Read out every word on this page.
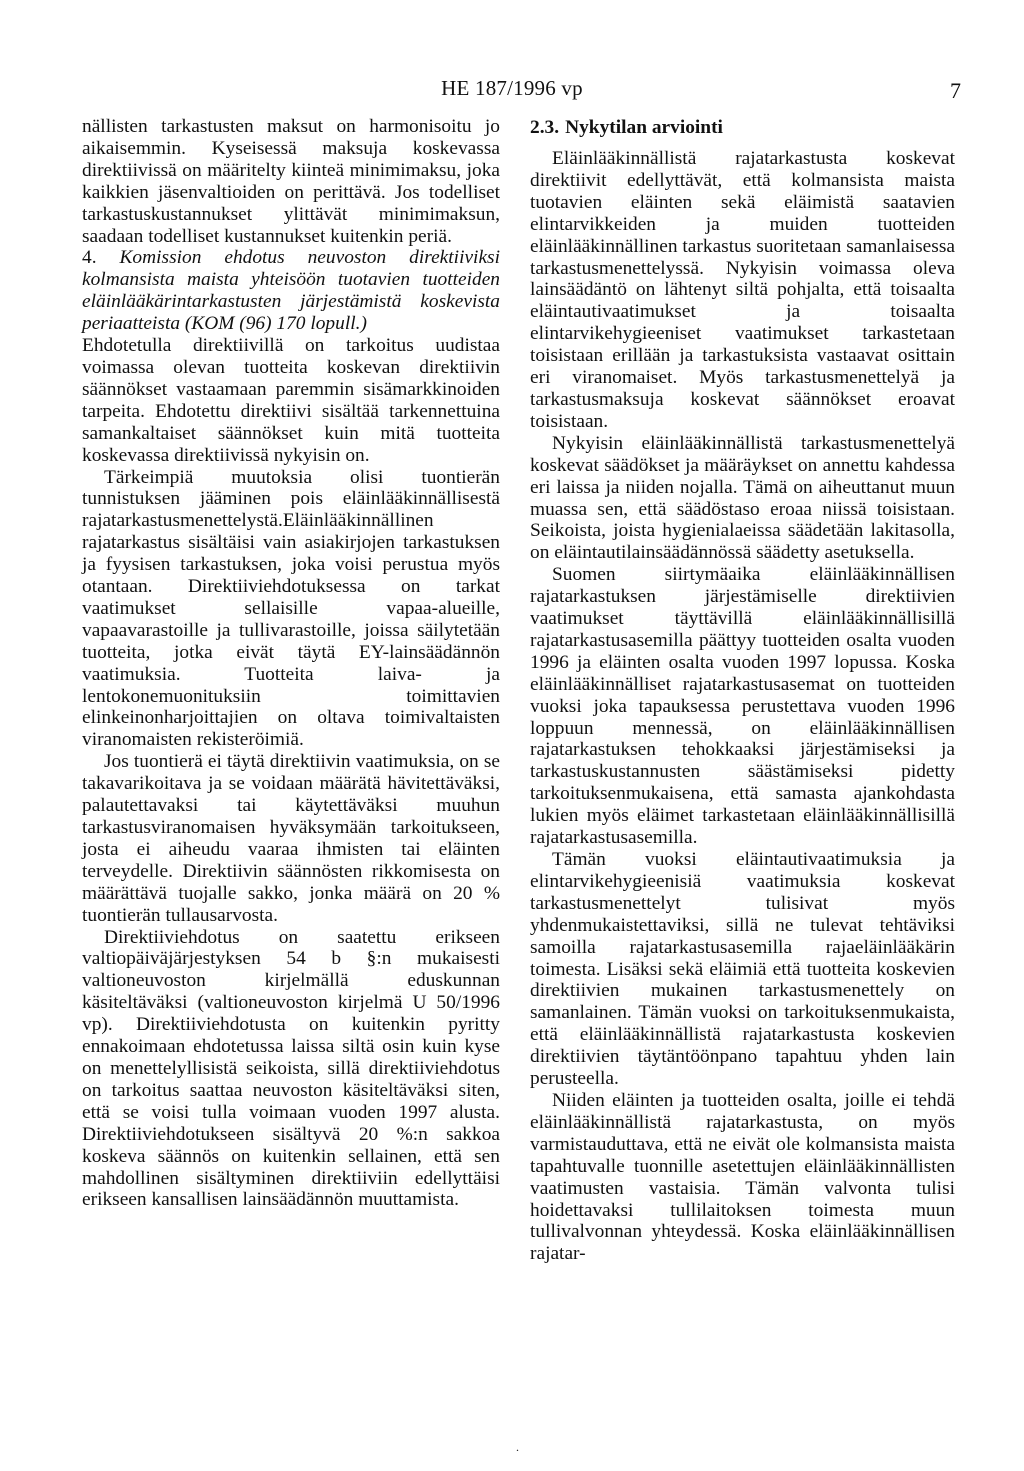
HE 187/1996 vp	7

nällisten tarkastusten maksut on harmonisoitu jo aikaisemmin. Kyseisessä maksuja koskevassa direktiivissä on määritelty kiinteä minimimaksu, joka kaikkien jäsenvaltioiden on perittävä. Jos todelliset tarkastuskustannukset ylittävät minimimaksun, saadaan todelliset kustannukset kuitenkin periä.

4. Komission ehdotus neuvoston direktiiviksi kolmansista maista yhteisöön tuotavien tuotteiden eläinlääkärintarkastusten järjestämistä koskevista periaatteista (KOM (96) 170 lopull.)

Ehdotetulla direktiivillä on tarkoitus uudistaa voimassa olevan tuotteita koskevan direktiivin säännökset vastaamaan paremmin sisämarkkinoiden tarpeita. Ehdotettu direktiivi sisältää tarkennettuina samankaltaiset säännökset kuin mitä tuotteita koskevassa direktiivissä nykyisin on.

Tärkeimpiä muutoksia olisi tuontierän tunnistuksen jääminen pois eläinlääkinnällisestä rajatarkastusmenettelystä.Eläinlääkinnällinen rajatarkastus sisältäisi vain asiakirjojen tarkastuksen ja fyysisen tarkastuksen, joka voisi perustua myös otantaan. Direktiiviehdotuksessa on tarkat vaatimukset sellaisille vapaa-alueille, vapaavarastoille ja tullivarastoille, joissa säilytetään tuotteita, jotka eivät täytä EY-lainsäädännön vaatimuksia. Tuotteita laiva- ja lentokonemuonituksiin toimittavien elinkeinonharjoittajien on oltava toimivaltaisten viranomaisten rekisteröimiä.

Jos tuontierä ei täytä direktiivin vaatimuksia, on se takavarikoitava ja se voidaan määrätä hävitettäväksi, palautettavaksi tai käytettäväksi muuhun tarkastusviranomaisen hyväksymään tarkoitukseen, josta ei aiheudu vaaraa ihmisten tai eläinten terveydelle. Direktiivin säännösten rikkomisesta on määrättävä tuojalle sakko, jonka määrä on 20 % tuontierän tullausarvosta.

Direktiiviehdotus on saatettu erikseen valtiopäiväjärjestyksen 54 b §:n mukaisesti valtioneuvoston kirjelmällä eduskunnan käsiteltäväksi (valtioneuvoston kirjelmä U 50/1996 vp). Direktiiviehdotusta on kuitenkin pyritty ennakoimaan ehdotetussa laissa siltä osin kuin kyse on menettelyllisistä seikoista, sillä direktiiviehdotus on tarkoitus saattaa neuvoston käsiteltäväksi siten, että se voisi tulla voimaan vuoden 1997 alusta. Direktiiviehdotukseen sisältyvä 20 %:n sakkoa koskeva säännös on kuitenkin sellainen, että sen mahdollinen sisältyminen direktiiviin edellyttäisi erikseen kansallisen lainsäädännön muuttamista.

2.3. Nykytilan arviointi

Eläinlääkinnällistä rajatarkastusta koskevat direktiivit edellyttävät, että kolmansista maista tuotavien eläinten sekä eläimistä saatavien elintarvikkeiden ja muiden tuotteiden eläinlääkinnällinen tarkastus suoritetaan samanlaisessa tarkastusmenettelyssä. Nykyisin voimassa oleva lainsäädäntö on lähtenyt siltä pohjalta, että toisaalta eläintautivaatimukset ja toisaalta elintarvikehygieeniset vaatimukset tarkastetaan toisistaan erillään ja tarkastuksista vastaavat osittain eri viranomaiset. Myös tarkastusmenettelyä ja tarkastusmaksuja koskevat säännökset eroavat toisistaan.

Nykyisin eläinlääkinnällistä tarkastusmenettelyä koskevat säädökset ja määräykset on annettu kahdessa eri laissa ja niiden nojalla. Tämä on aiheuttanut muun muassa sen, että säädöstaso eroaa niissä toisistaan. Seikoista, joista hygienialaeissa säädetään lakitasolla, on eläintautilainsäädännössä säädetty asetuksella.

Suomen siirtymäaika eläinlääkinnällisen rajatarkastuksen järjestämiselle direktiivien vaatimukset täyttävillä eläinlääkinnällisillä rajatarkastusasemilla päättyy tuotteiden osalta vuoden 1996 ja eläinten osalta vuoden 1997 lopussa. Koska eläinlääkinnälliset rajatarkastusasemat on tuotteiden vuoksi joka tapauksessa perustettava vuoden 1996 loppuun mennessä, on eläinlääkinnällisen rajatarkastuksen tehokkaaksi järjestämiseksi ja tarkastuskustannusten säästämiseksi pidetty tarkoituksenmukaisena, että samasta ajankohdasta lukien myös eläimet tarkastetaan eläinlääkinnällisillä rajatarkastusasemilla.

Tämän vuoksi eläintautivaatimuksia ja elintarvikehygieenisiä vaatimuksia koskevat tarkastusmenettelyt tulisivat myös yhdenmukaistettaviksi, sillä ne tulevat tehtäviksi samoilla rajatarkastusasemilla rajaeläinlääkärin toimesta. Lisäksi sekä eläimiä että tuotteita koskevien direktiivien mukainen tarkastusmenettely on samanlainen. Tämän vuoksi on tarkoituksenmukaista, että eläinlääkinnällistä rajatarkastusta koskevien direktiivien täytäntöönpano tapahtuu yhden lain perusteella.

Niiden eläinten ja tuotteiden osalta, joille ei tehdä eläinlääkinnällistä rajatarkastusta, on myös varmistauduttava, että ne eivät ole kolmansista maista tapahtuvalle tuonnille asetettujen eläinlääkinnällisten vaatimusten vastaisia. Tämän valvonta tulisi hoidettavaksi tullilaitoksen toimesta muun tullivalvonnan yhteydessä. Koska eläinlääkinnällisen rajatar-

.
